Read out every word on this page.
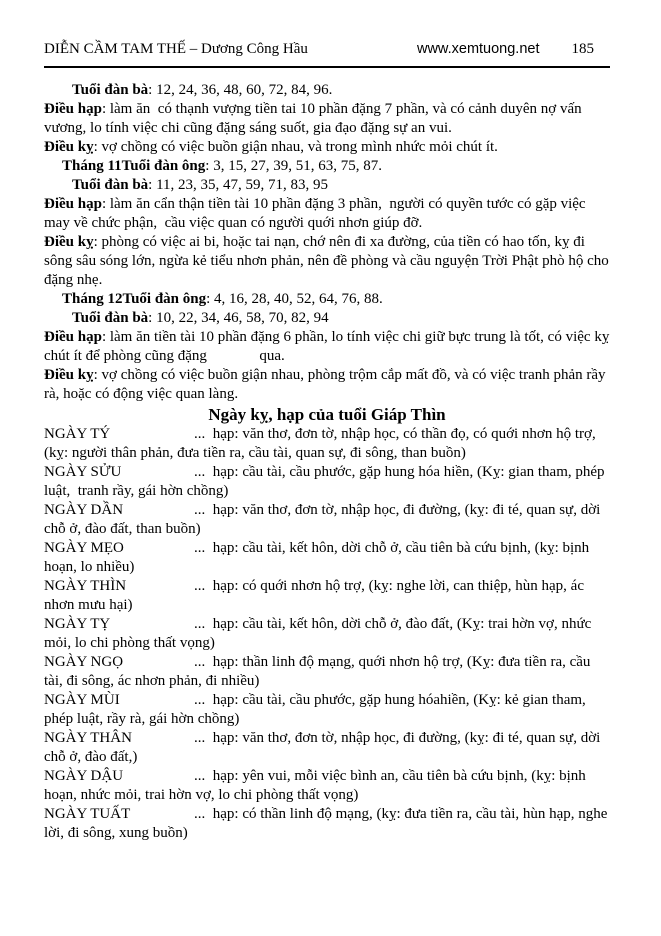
DIỄN CẦM TAM THẾ – Dương Công Hầu	www.xemtuong.net 185

Tuổi đàn bà: 12, 24, 36, 48, 60, 72, 84, 96.

Điều hạp: làm ăn  có thạnh vượng tiền tai 10 phần đặng 7 phần, và có cảnh duyên nợ vấn vương, lo tính việc chi cũng đặng sáng suốt, gia đạo đặng sự an vui.

Điều kỵ: vợ chồng có việc buồn giận nhau, và trong mình nhức mỏi chút ít.

Tháng 11Tuổi đàn ông: 3, 15, 27, 39, 51, 63, 75, 87.

Tuổi đàn bà: 11, 23, 35, 47, 59, 71, 83, 95

Điều hạp: làm ăn cẩn thận tiền tài 10 phần đặng 3 phần,  người có quyền tước có gặp việc may về chức phận,  cầu việc quan có người quới nhơn giúp đỡ.

Điều kỵ: phòng có việc ai bi, hoặc tai nạn, chớ nên đi xa đường, của tiền có hao tốn, kỵ đi sông sâu sóng lớn, ngừa kẻ tiểu nhơn phản, nên đề phòng và cầu nguyện Trời Phật phò hộ cho đặng nhẹ.

Tháng 12Tuổi đàn ông: 4, 16, 28, 40, 52, 64, 76, 88.

Tuổi đàn bà: 10, 22, 34, 46, 58, 70, 82, 94

Điều hạp: làm ăn tiền tài 10 phần đặng 6 phần, lo tính việc chi giữ bực trung là tốt, có việc kỵ chút ít để phòng cũng đặng              qua.

Điều kỵ: vợ chồng có việc buồn giận nhau, phòng trộm cắp mất đồ, và có việc tranh phản rầy rà, hoặc có động việc quan làng.

Ngày kỵ, hạp của tuổi Giáp Thìn

NGÀY TÝ	...  hạp: văn thơ, đơn tờ, nhập học, có thần đọ, có quới nhơn hộ trợ, (kỵ: người thân phản, đưa tiền ra, cầu tài, quan sự, đi sông, than buồn)

NGÀY SỬU	...  hạp: cầu tài, cầu phước, gặp hung hóa hiền, (Kỵ: gian tham, phép luật,  tranh rầy, gái hờn chồng)

NGÀY DẦN	...  hạp: văn thơ, đơn tờ, nhập học, đi đường, (kỵ: đi té, quan sự, dời chỗ ở, đào đất, than buồn)

NGÀY MẸO	...  hạp: cầu tài, kết hôn, dời chỗ ở, cầu tiên bà cứu bịnh, (kỵ: bịnh hoạn, lo nhiều)

NGÀY THÌN	...  hạp: có quới nhơn hộ trợ, (kỵ: nghe lời, can thiệp, hùn hạp, ác nhơn mưu hại)

NGÀY TỴ	...  hạp: cầu tài, kết hôn, dời chỗ ở, đào đất, (Kỵ: trai hờn vợ, nhức mỏi, lo chi phòng thất vọng)

NGÀY NGỌ	...  hạp: thần linh độ mạng, quới nhơn hộ trợ, (Kỵ: đưa tiền ra, cầu tài, đi sông, ác nhơn phản, đi nhiều)

NGÀY MÙI	...  hạp: cầu tài, cầu phước, gặp hung hóahiền, (Kỵ: kẻ gian tham, phép luật, rầy rà, gái hờn chồng)

NGÀY THÂN	...  hạp: văn thơ, đơn tờ, nhập học, đi đường, (kỵ: đi té, quan sự, dời chỗ ở, đào đất,)

NGÀY DẬU	...  hạp: yên vui, mỗi việc bình an, cầu tiên bà cứu bịnh, (kỵ: bịnh hoạn, nhức mỏi, trai hờn vợ, lo chi phòng thất vọng)

NGÀY TUẤT	...  hạp: có thần linh độ mạng, (kỵ: đưa tiền ra, cầu tài, hùn hạp, nghe lời, đi sông, xung buồn)
